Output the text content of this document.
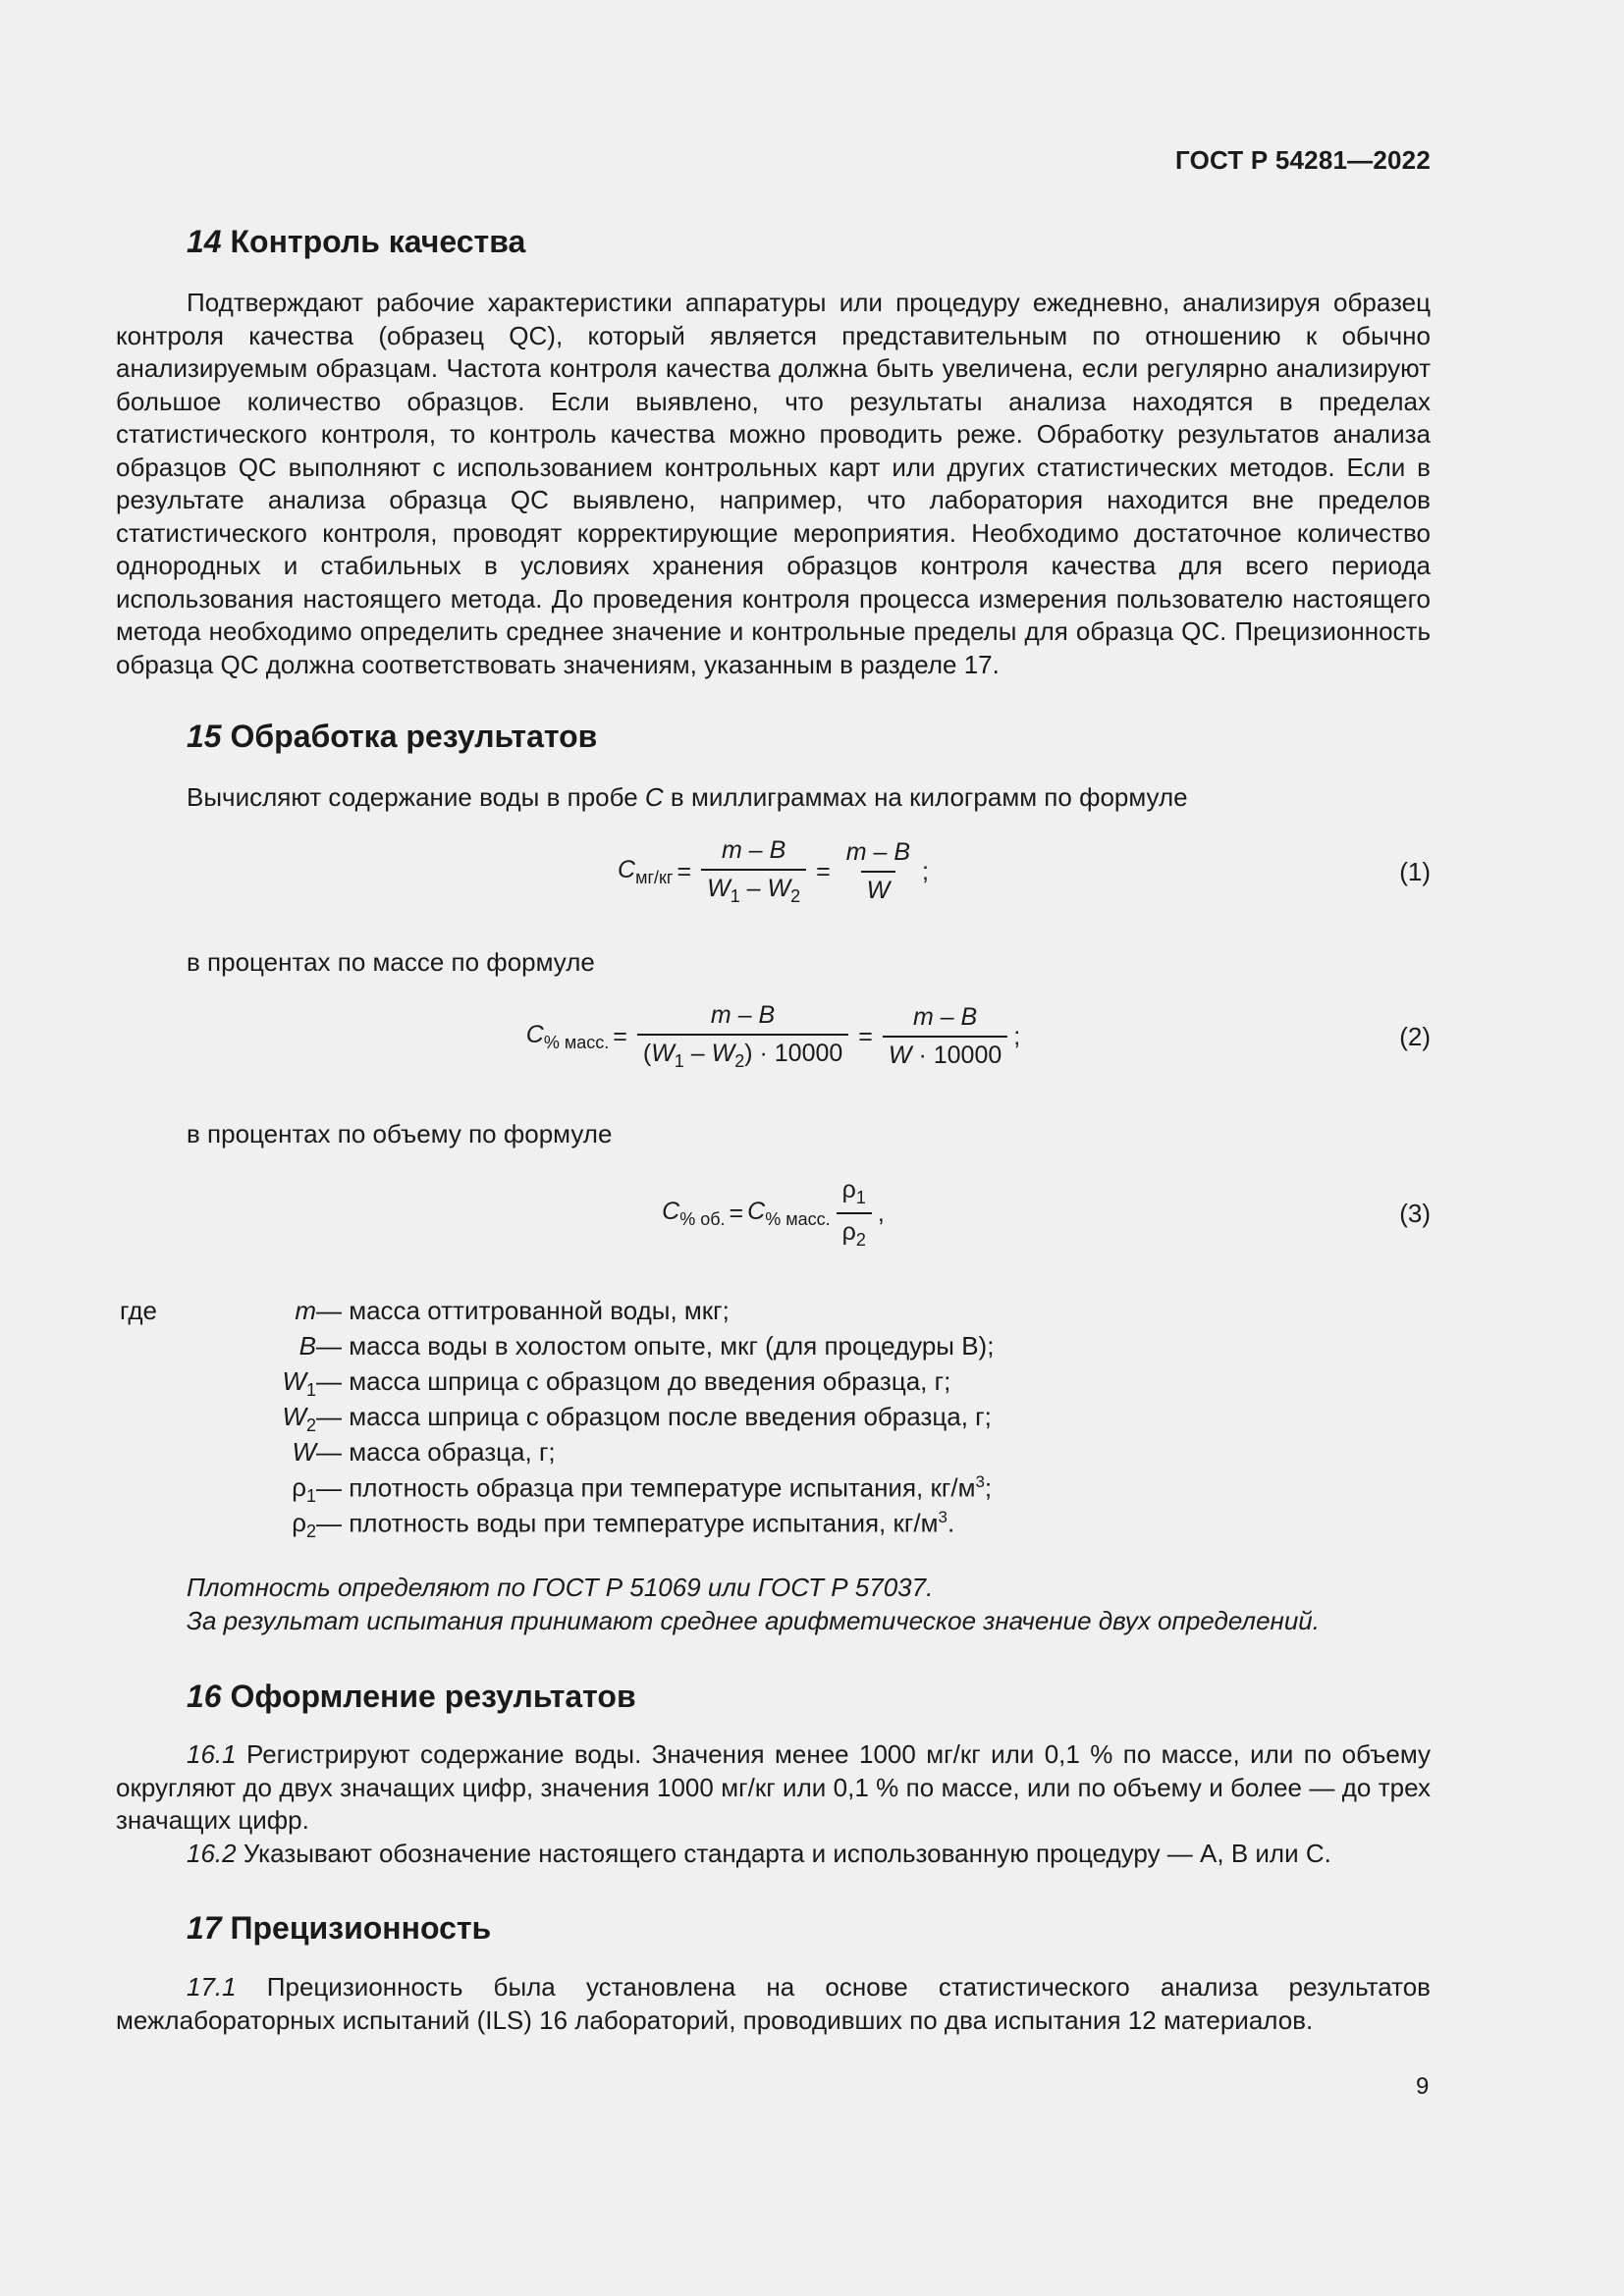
ГОСТ Р 54281—2022
14 Контроль качества

Подтверждают рабочие характеристики аппаратуры или процедуру ежедневно, анализируя образец контроля качества (образец QC), который является представительным по отношению к обычно анализируемым образцам. Частота контроля качества должна быть увеличена, если регулярно анализируют большое количество образцов. Если выявлено, что результаты анализа находятся в пределах статистического контроля, то контроль качества можно проводить реже. Обработку результатов анализа образцов QC выполняют с использованием контрольных карт или других статистических методов. Если в результате анализа образца QC выявлено, например, что лаборатория находится вне пределов статистического контроля, проводят корректирующие мероприятия. Необходимо достаточное количество однородных и стабильных в условиях хранения образцов контроля качества для всего периода использования настоящего метода. До проведения контроля процесса измерения пользователю настоящего метода необходимо определить среднее значение и контрольные пределы для образца QC. Прецизионность образца QC должна соответствовать значениям, указанным в разделе 17.

15 Обработка результатов
Вычисляют содержание воды в пробе C в миллиграммах на килограмм по формуле
$C_{мг/кг} = \frac{m - B}{W_1 - W_2} = \frac{m - B}{W}$ ;	(1)
в процентах по массе по формуле
$C_{\% масс.} = \frac{m - B}{(W_1 - W_2) \cdot 10000} = \frac{m - B}{W \cdot 10000}$ ;	(2)
в процентах по объему по формуле
$C_{\% об.} = C_{\% масс.} \frac{\rho_1}{\rho_2}$ ,	(3)
где	m — масса оттитрованной воды, мкг;
B — масса воды в холостом опыте, мкг (для процедуры В);
$W_1$ — масса шприца с образцом до введения образца, г;
$W_2$ — масса шприца с образцом после введения образца, г;
W — масса образца, г;
$\rho_1$ — плотность образца при температуре испытания, $кг/м^3$;
$\rho_2$ — плотность воды при температуре испытания, $кг/м^3$.
Плотность определяют по ГОСТ Р 51069 или ГОСТ Р 57037.
За результат испытания принимают среднее арифметическое значение двух определений.
16 Оформление результатов

16.1 Регистрируют содержание воды. Значения менее 1000 мг/кг или 0,1 % по массе, или по объему округляют до двух значащих цифр, значения 1000 мг/кг или 0,1 % по массе, или по объему и более — до трех значащих цифр.

16.2 Указывают обозначение настоящего стандарта и использованную процедуру — А, В или С.

17 Прецизионность

17.1 Прецизионность была установлена на основе статистического анализа результатов межлабораторных испытаний (ILS) 16 лабораторий, проводивших по два испытания 12 материалов.

9
